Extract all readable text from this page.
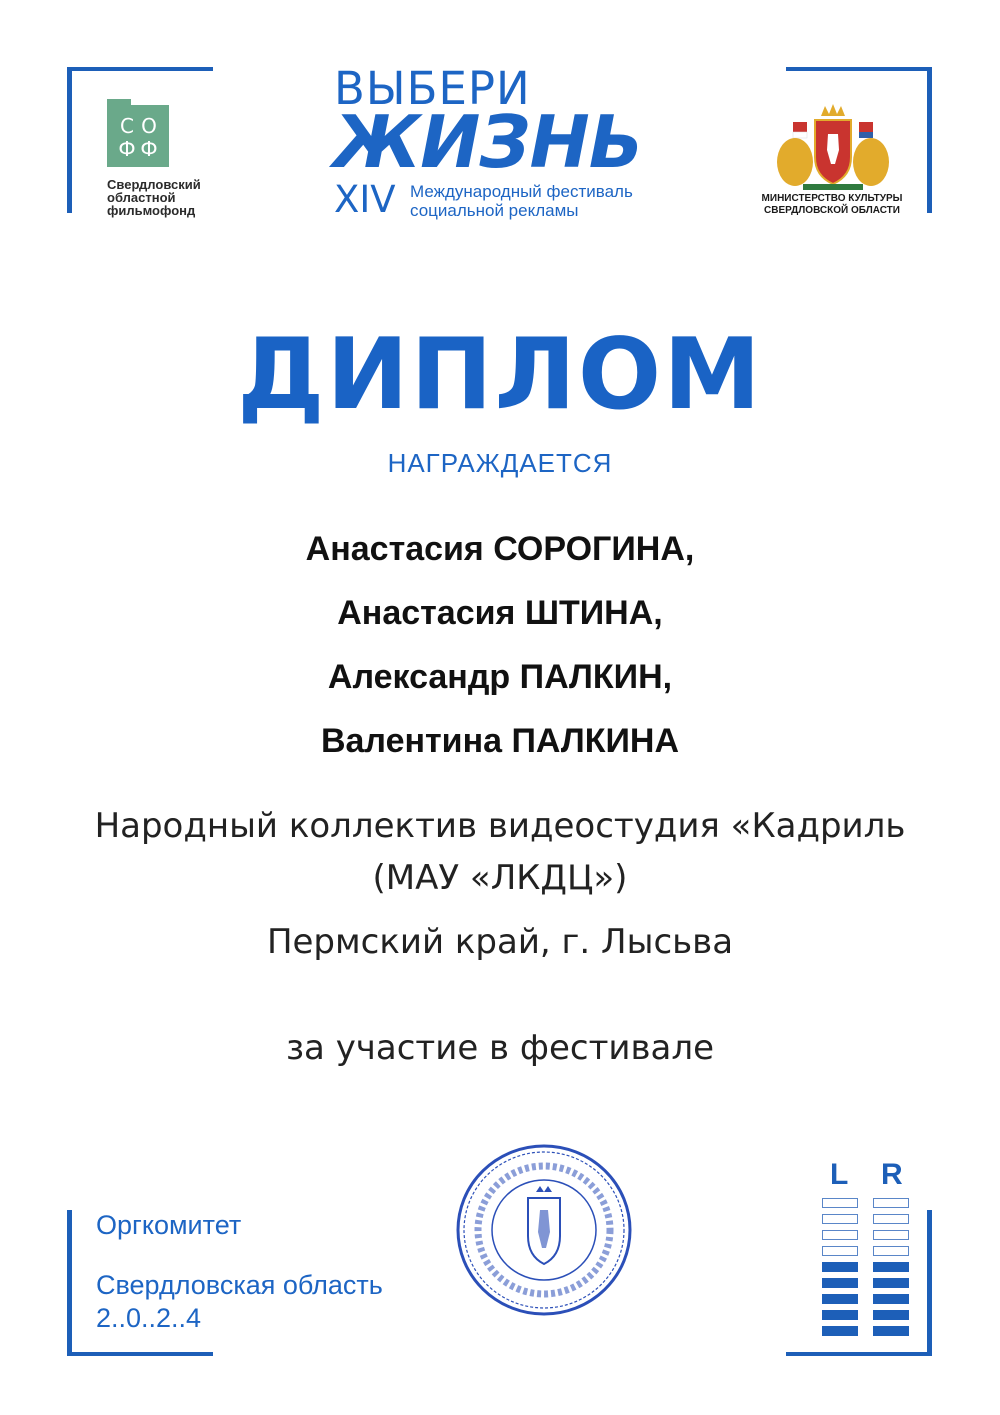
С О
Ф Ф
Свердловский
областной
фильмофонд
ВЫБЕРИ
ЖИЗНЬ
XIV Международный фестиваль
социальной рекламы
МИНИСТЕРСТВО КУЛЬТУРЫ
СВЕРДЛОВСКОЙ ОБЛАСТИ
ДИПЛОМ
НАГРАЖДАЕТСЯ
Анастасия СОРОГИНА,
Анастасия ШТИНА,
Александр ПАЛКИН,
Валентина ПАЛКИНА
Народный коллектив видеостудия «Кадриль
(МАУ «ЛКДЦ»)
Пермский край, г. Лысьва
за участие в фестивале
Оргкомитет
Свердловская область
2..0..2..4
L R
